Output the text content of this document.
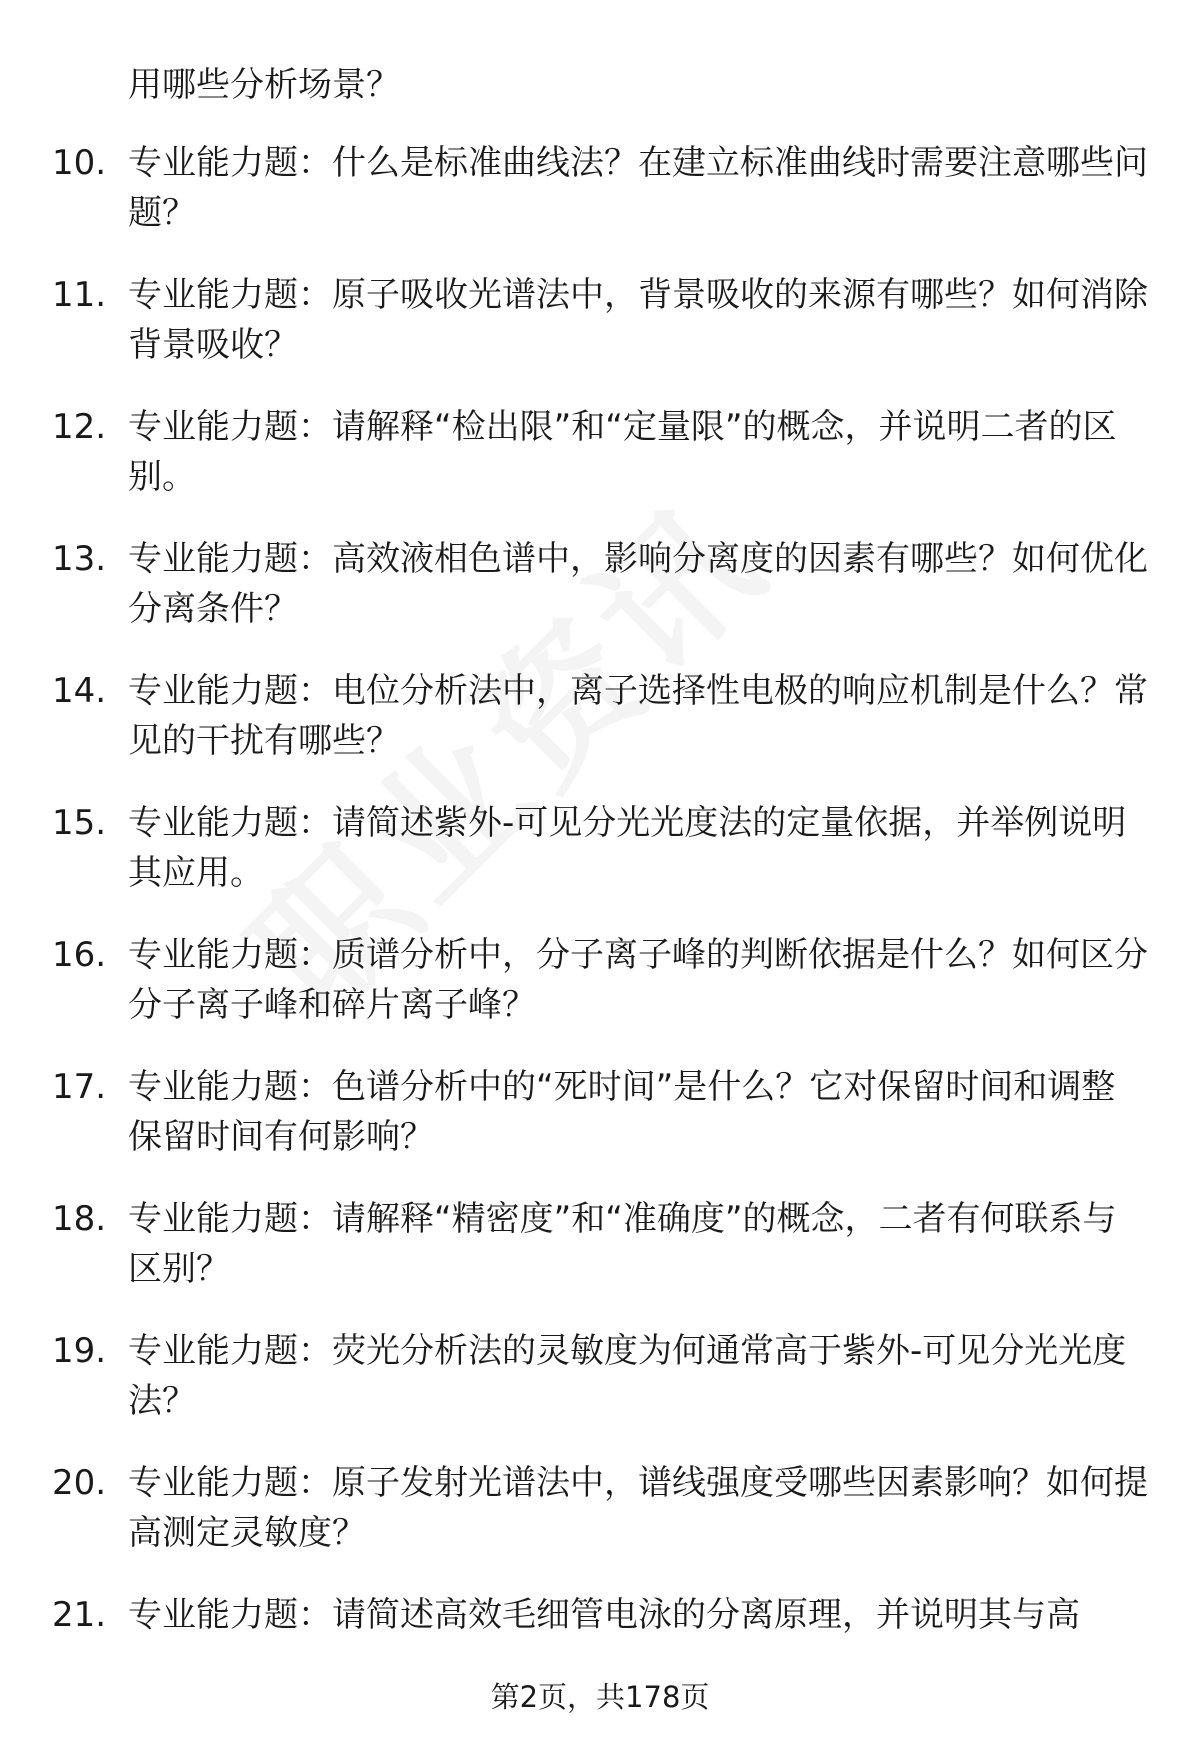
用哪些分析场景？
10. 专业能力题：什么是标准曲线法？在建立标准曲线时需要注意哪些问题？
11. 专业能力题：原子吸收光谱法中，背景吸收的来源有哪些？如何消除背景吸收？
12. 专业能力题：请解释“检出限”和“定量限”的概念，并说明二者的区别。
13. 专业能力题：高效液相色谱中，影响分离度的因素有哪些？如何优化分离条件？
14. 专业能力题：电位分析法中，离子选择性电极的响应机制是什么？常见的干扰有哪些？
15. 专业能力题：请简述紫外-可见分光光度法的定量依据，并举例说明其应用。
16. 专业能力题：质谱分析中，分子离子峰的判断依据是什么？如何区分分子离子峰和碎片离子峰？
17. 专业能力题：色谱分析中的“死时间”是什么？它对保留时间和调整保留时间有何影响？
18. 专业能力题：请解释“精密度”和“准确度”的概念，二者有何联系与区别？
19. 专业能力题：荧光分析法的灵敏度为何通常高于紫外-可见分光光度法？
20. 专业能力题：原子发射光谱法中，谱线强度受哪些因素影响？如何提高测定灵敏度？
21. 专业能力题：请简述高效毛细管电泳的分离原理，并说明其与高
第2页，共178页
